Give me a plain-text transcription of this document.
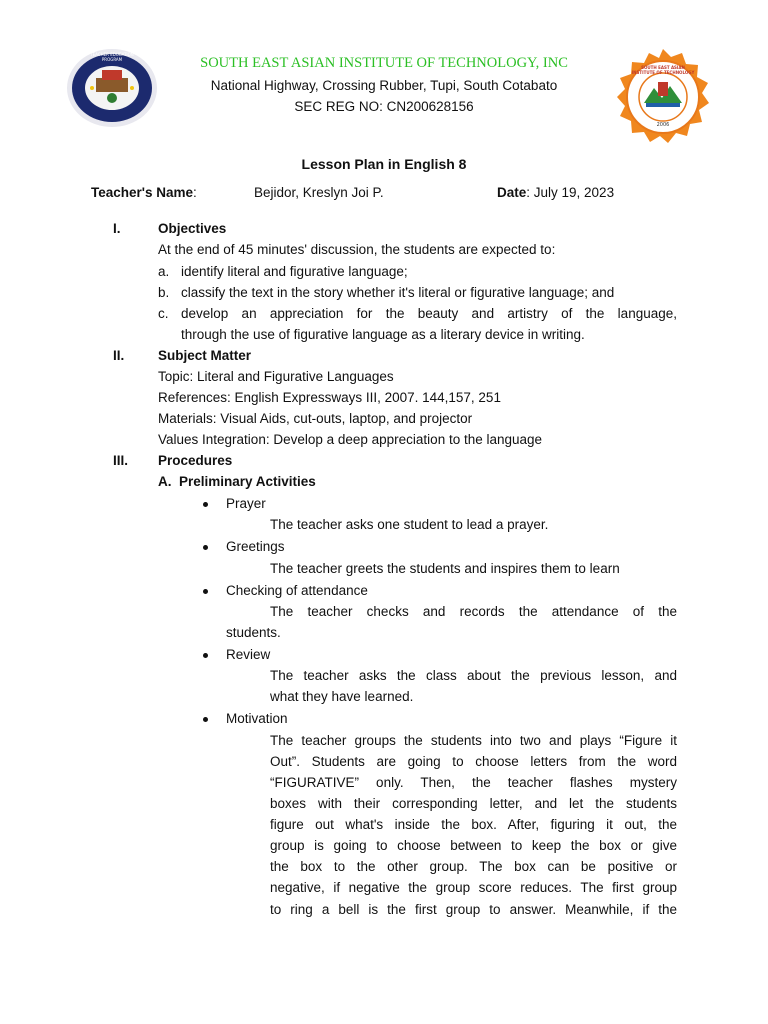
TEACHER EDUCATION PROGRAM	SOUTH EAST ASIAN INSTITUTE OF TECHNOLOGY, INC
National Highway, Crossing Rubber, Tupi, South Cotabato
SEC REG NO: CN200628156
SOUTH EAST ASIAN INSTITUTE OF TECHNOLOGY
2006
Lesson Plan in English 8
Teacher's Name:	Bejidor, Kreslyn Joi P.	Date: July 19, 2023
I.	Objectives
At the end of 45 minutes' discussion, the students are expected to:
a. identify literal and figurative language;
b. classify the text in the story whether it's literal or figurative language; and
c. develop an appreciation for the beauty and artistry of the language,
through the use of figurative language as a literary device in writing.
II. Subject Matter
Topic: Literal and Figurative Languages
References: English Expressways III, 2007. 144,157, 251
Materials: Visual Aids, cut-outs, laptop, and projector
Values Integration: Develop a deep appreciation to the language
III. Procedures
A.  Preliminary Activities
Prayer
The teacher asks one student to lead a prayer.
Greetings
The teacher greets the students and inspires them to learn
Checking of attendance
The teacher checks and records the attendance of the
students.
Review
The teacher asks the class about the previous lesson, and
what they have learned.
Motivation
The teacher groups the students into two and plays “Figure it
Out”. Students are going to choose letters from the word
“FIGURATIVE” only. Then, the teacher flashes mystery
boxes with their corresponding letter, and let the students
figure out what's inside the box. After, figuring it out, the
group is going to choose between to keep the box or give
the box to the other group. The box can be positive or
negative, if negative the group score reduces. The first group
to ring a bell is the first group to answer. Meanwhile, if the
